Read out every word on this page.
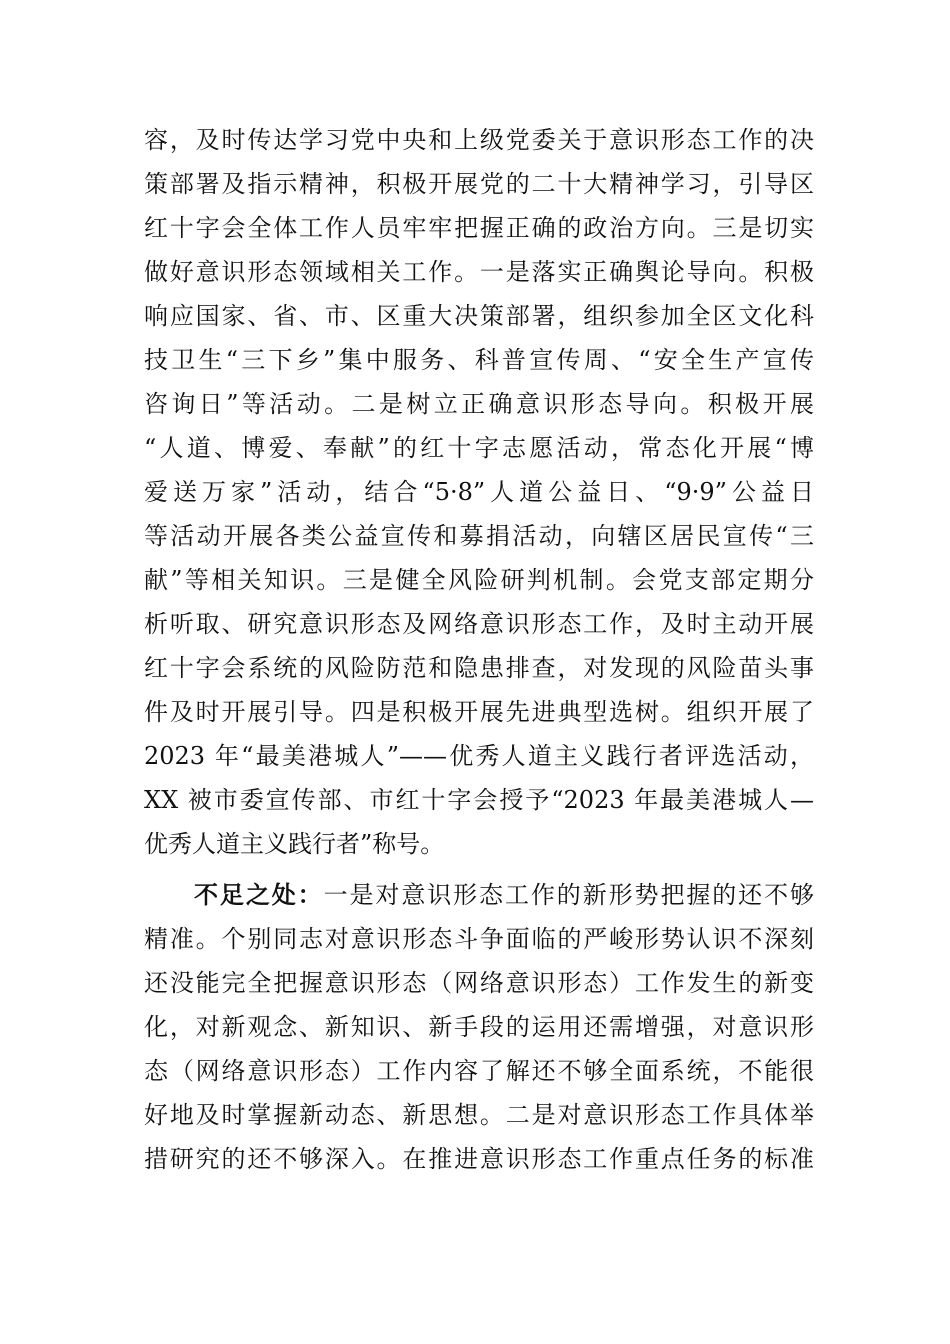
容，及时传达学习党中央和上级党委关于意识形态工作的决
策部署及指示精神，积极开展党的二十大精神学习，引导区
红十字会全体工作人员牢牢把握正确的政治方向。三是切实
做好意识形态领域相关工作。一是落实正确舆论导向。积极
响应国家、省、市、区重大决策部署，组织参加全区文化科
技卫生“三下乡”集中服务、科普宣传周、“安全生产宣传
咨询日”等活动。二是树立正确意识形态导向。积极开展
“人道、博爱、奉献”的红十字志愿活动，常态化开展“博
爱送万家”活动，结合“5·8”人道公益日、“9·9”公益日
等活动开展各类公益宣传和募捐活动，向辖区居民宣传“三
献”等相关知识。三是健全风险研判机制。会党支部定期分
析听取、研究意识形态及网络意识形态工作，及时主动开展
红十字会系统的风险防范和隐患排查，对发现的风险苗头事
件及时开展引导。四是积极开展先进典型选树。组织开展了
2023 年“最美港城人”——优秀人道主义践行者评选活动，
XX 被市委宣传部、市红十字会授予“2023 年最美港城人—
优秀人道主义践行者”称号。
不足之处：一是对意识形态工作的新形势把握的还不够
精准。个别同志对意识形态斗争面临的严峻形势认识不深刻
还没能完全把握意识形态（网络意识形态）工作发生的新变
化，对新观念、新知识、新手段的运用还需增强，对意识形
态（网络意识形态）工作内容了解还不够全面系统，不能很
好地及时掌握新动态、新思想。二是对意识形态工作具体举
措研究的还不够深入。在推进意识形态工作重点任务的标准
